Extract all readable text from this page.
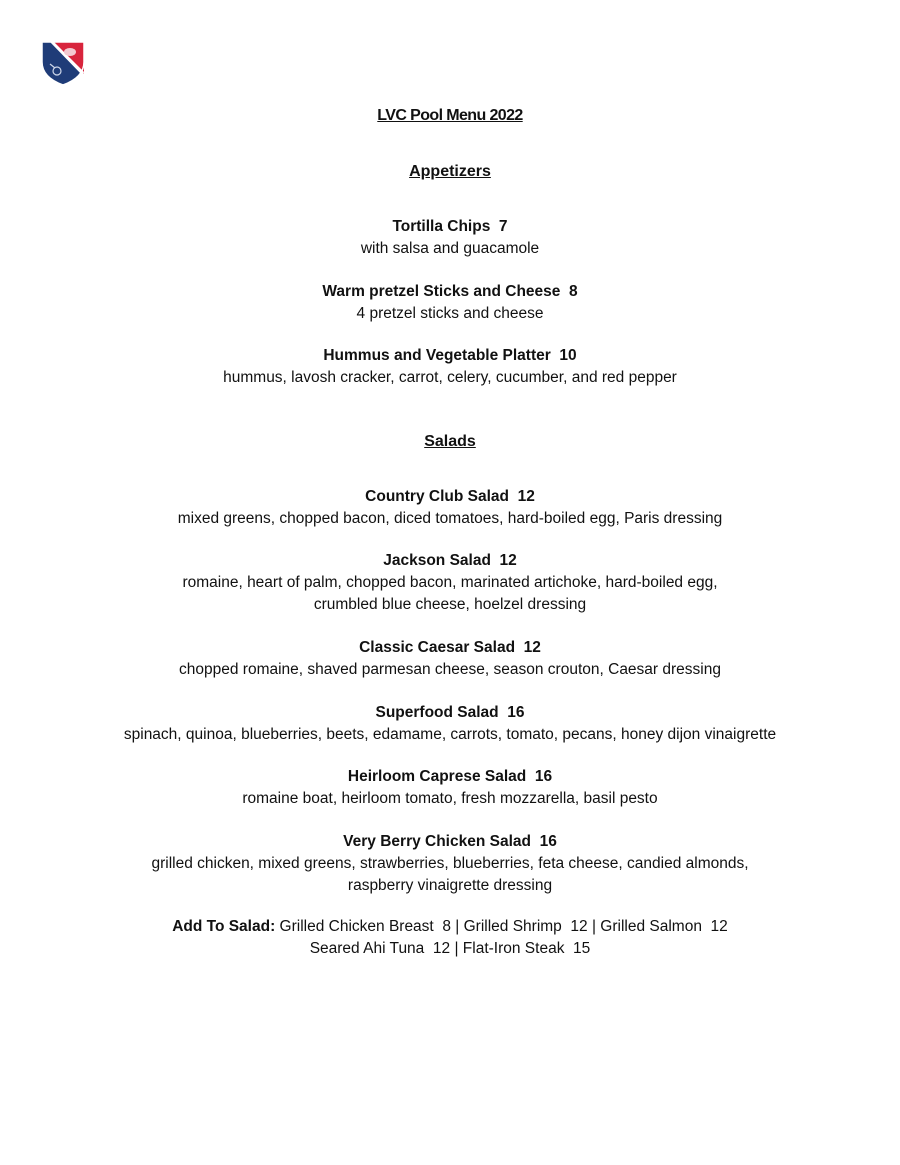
LVC Pool Menu 2022
Appetizers
Tortilla Chips  7
with salsa and guacamole
Warm pretzel Sticks and Cheese  8
4 pretzel sticks and cheese
Hummus and Vegetable Platter  10
hummus, lavosh cracker, carrot, celery, cucumber, and red pepper
Salads
Country Club Salad  12
mixed greens, chopped bacon, diced tomatoes, hard-boiled egg, Paris dressing
Jackson Salad  12
romaine, heart of palm, chopped bacon, marinated artichoke, hard-boiled egg,
crumbled blue cheese, hoelzel dressing
Classic Caesar Salad  12
chopped romaine, shaved parmesan cheese, season crouton, Caesar dressing
Superfood Salad  16
spinach, quinoa, blueberries, beets, edamame, carrots, tomato, pecans, honey dijon vinaigrette
Heirloom Caprese Salad  16
romaine boat, heirloom tomato, fresh mozzarella, basil pesto
Very Berry Chicken Salad  16
grilled chicken, mixed greens, strawberries, blueberries, feta cheese, candied almonds,
raspberry vinaigrette dressing
Add To Salad: Grilled Chicken Breast  8 | Grilled Shrimp  12 | Grilled Salmon  12
Seared Ahi Tuna  12 | Flat-Iron Steak  15
